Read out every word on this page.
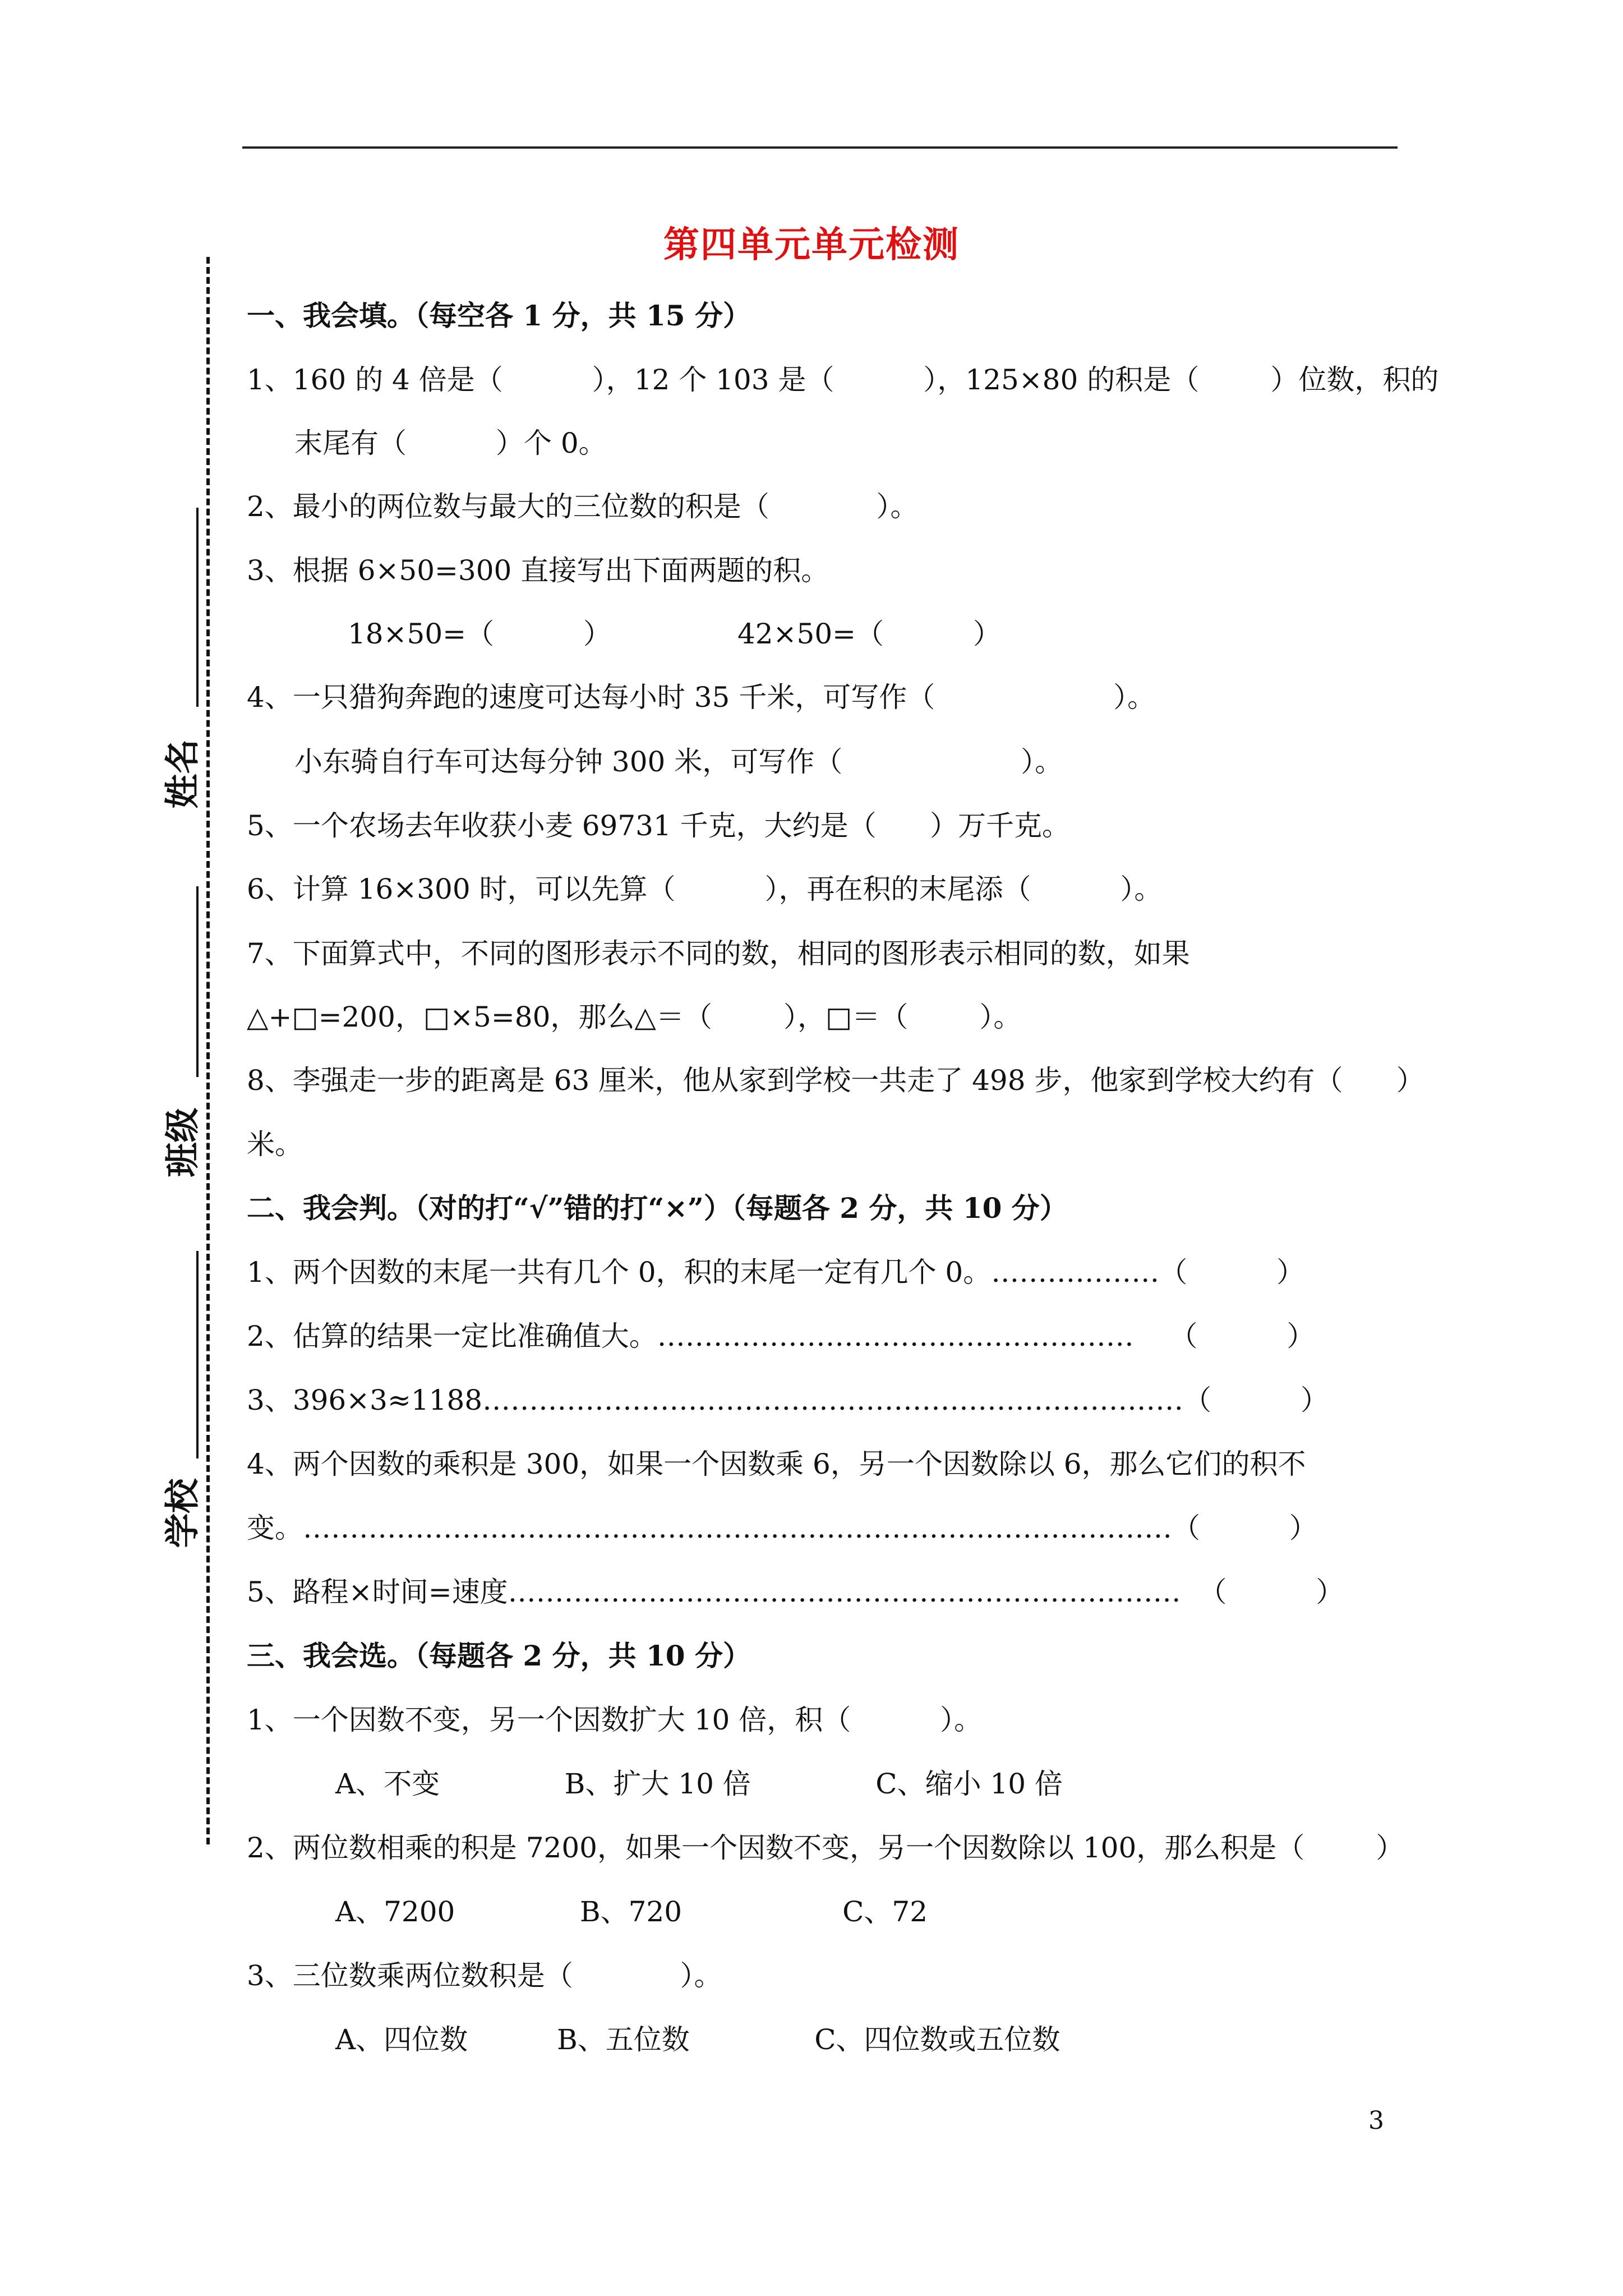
第四单元单元检测
姓名
班级
学校
一、我会填。（每空各 1 分，共 15 分）
1、160 的 4 倍是（          ），12 个 103 是（          ），125×80 的积是（        ）位数，积的
末尾有（          ）个 0。
2、最小的两位数与最大的三位数的积是（            ）。
3、根据 6×50=300 直接写出下面两题的积。
18×50=（          ）	42×50=（          ）
4、一只猎狗奔跑的速度可达每小时 35 千米，可写作（                    ）。
小东骑自行车可达每分钟 300 米，可写作（                    ）。
5、一个农场去年收获小麦 69731 千克，大约是（      ）万千克。
6、计算 16×300 时，可以先算（          ），再在积的末尾添（          ）。
7、下面算式中，不同的图形表示不同的数，相同的图形表示相同的数，如果
△+□=200，□×5=80，那么△＝（        ），□＝（        ）。
8、李强走一步的距离是 63 厘米，他从家到学校一共走了 498 步，他家到学校大约有（      ）
米。
二、我会判。（对的打“√”错的打“×”）（每题各 2 分，共 10 分）
1、两个因数的末尾一共有几个 0，积的末尾一定有几个 0。………………（          ）
2、估算的结果一定比准确值大。……………………………………………    （          ）
3、396×3≈1188…………………………………………………………………（          ）
4、两个因数的乘积是 300，如果一个因数乘 6，另一个因数除以 6，那么它们的积不
变。…………………………………………………………………………………（          ）
5、路程×时间=速度………………………………………………………………  （          ）
三、我会选。（每题各 2 分，共 10 分）
1、一个因数不变，另一个因数扩大 10 倍，积（          ）。
A、不变              B、扩大 10 倍              C、缩小 10 倍
2、两位数相乘的积是 7200，如果一个因数不变，另一个因数除以 100，那么积是（        ）
A、7200              B、720                  C、72
3、三位数乘两位数积是（            ）。
A、四位数          B、五位数              C、四位数或五位数
3
